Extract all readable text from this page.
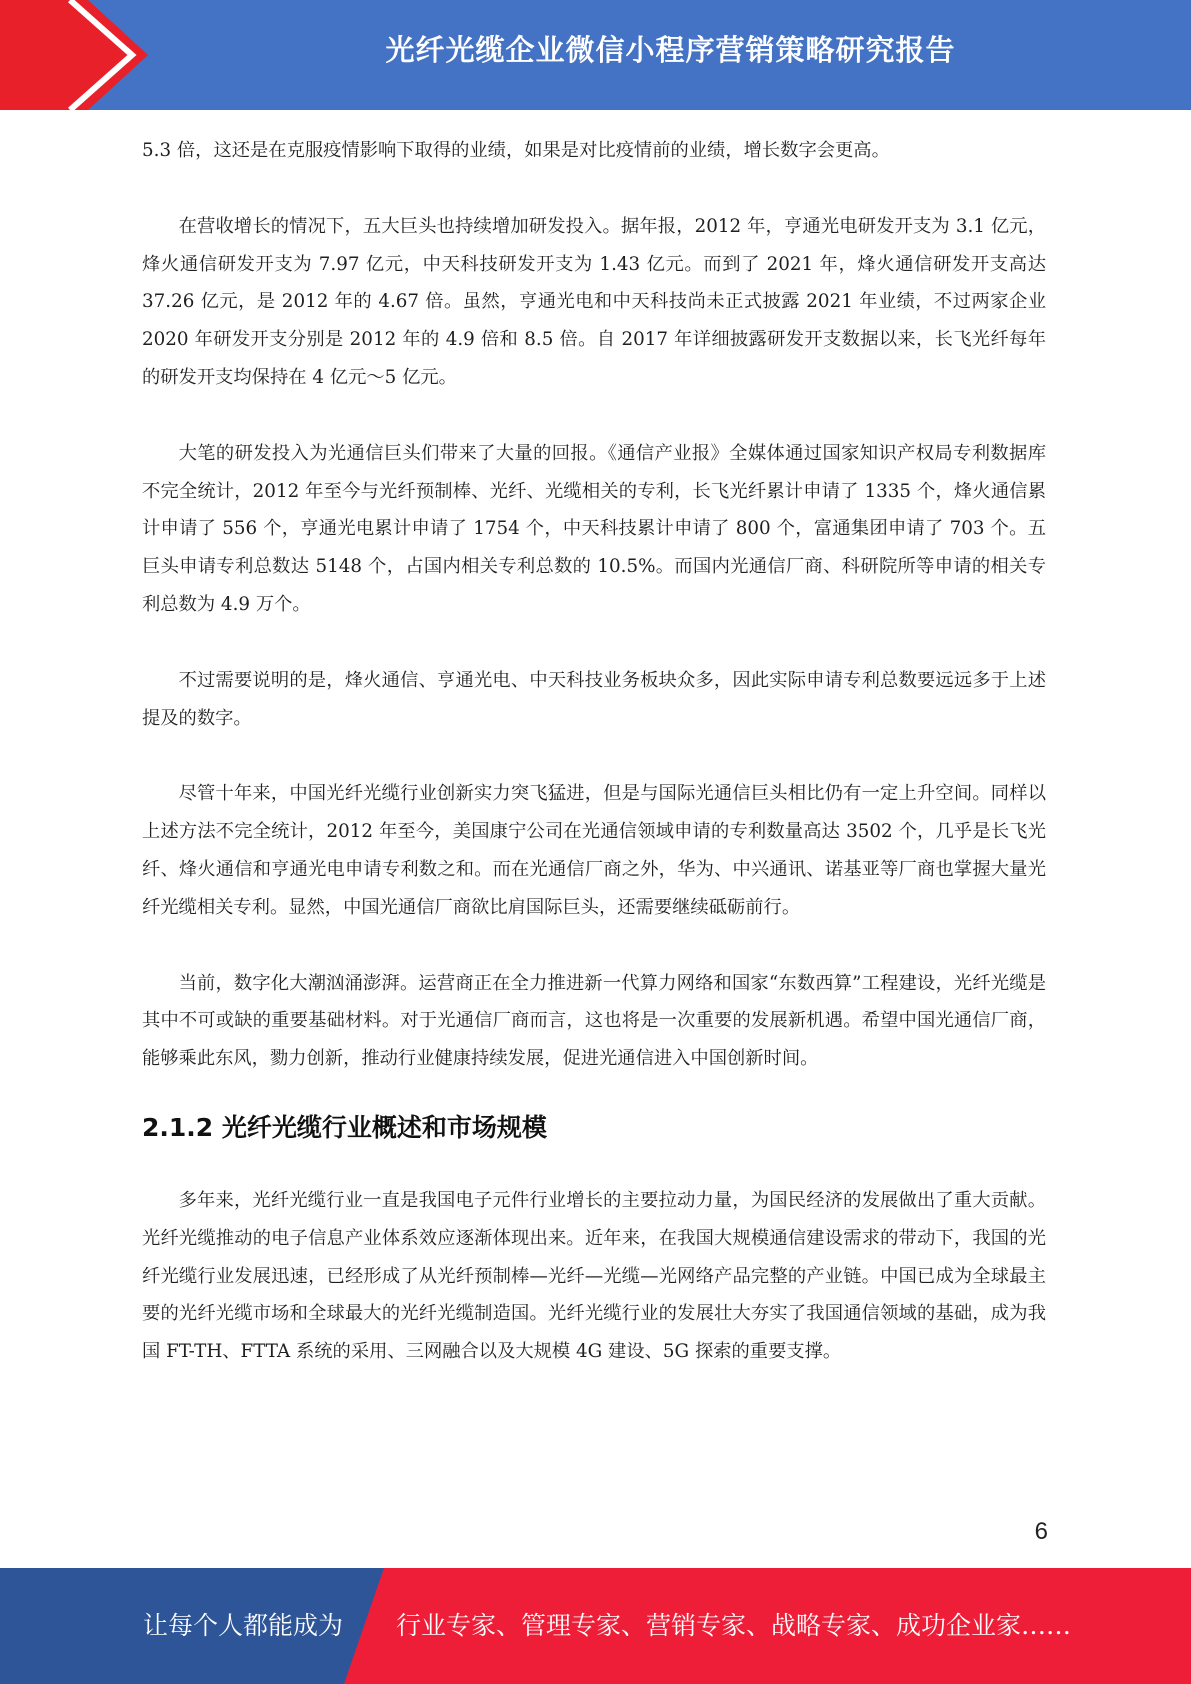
光纤光缆企业微信小程序营销策略研究报告

5.3 倍，这还是在克服疫情影响下取得的业绩，如果是对比疫情前的业绩，增长数字会更高。

在营收增长的情况下，五大巨头也持续增加研发投入。据年报，2012 年，亨通光电研发开支为 3.1 亿元，烽火通信研发开支为 7.97 亿元，中天科技研发开支为 1.43 亿元。而到了 2021 年，烽火通信研发开支高达 37.26 亿元，是 2012 年的 4.67 倍。虽然，亨通光电和中天科技尚未正式披露 2021 年业绩，不过两家企业 2020 年研发开支分别是 2012 年的 4.9 倍和 8.5 倍。自 2017 年详细披露研发开支数据以来，长飞光纤每年的研发开支均保持在 4 亿元～5 亿元。

大笔的研发投入为光通信巨头们带来了大量的回报。《通信产业报》全媒体通过国家知识产权局专利数据库不完全统计，2012 年至今与光纤预制棒、光纤、光缆相关的专利，长飞光纤累计申请了 1335 个，烽火通信累计申请了 556 个，亨通光电累计申请了 1754 个，中天科技累计申请了 800 个，富通集团申请了 703 个。五巨头申请专利总数达 5148 个，占国内相关专利总数的 10.5%。而国内光通信厂商、科研院所等申请的相关专利总数为 4.9 万个。

不过需要说明的是，烽火通信、亨通光电、中天科技业务板块众多，因此实际申请专利总数要远远多于上述提及的数字。

尽管十年来，中国光纤光缆行业创新实力突飞猛进，但是与国际光通信巨头相比仍有一定上升空间。同样以上述方法不完全统计，2012 年至今，美国康宁公司在光通信领域申请的专利数量高达 3502 个，几乎是长飞光纤、烽火通信和亨通光电申请专利数之和。而在光通信厂商之外，华为、中兴通讯、诺基亚等厂商也掌握大量光纤光缆相关专利。显然，中国光通信厂商欲比肩国际巨头，还需要继续砥砺前行。

当前，数字化大潮汹涌澎湃。运营商正在全力推进新一代算力网络和国家“东数西算”工程建设，光纤光缆是其中不可或缺的重要基础材料。对于光通信厂商而言，这也将是一次重要的发展新机遇。希望中国光通信厂商，能够乘此东风，勠力创新，推动行业健康持续发展，促进光通信进入中国创新时间。

2.1.2 光纤光缆行业概述和市场规模

多年来，光纤光缆行业一直是我国电子元件行业增长的主要拉动力量，为国民经济的发展做出了重大贡献。光纤光缆推动的电子信息产业体系效应逐渐体现出来。近年来，在我国大规模通信建设需求的带动下，我国的光纤光缆行业发展迅速，已经形成了从光纤预制棒—光纤—光缆—光网络产品完整的产业链。中国已成为全球最主要的光纤光缆市场和全球最大的光纤光缆制造国。光纤光缆行业的发展壮大夯实了我国通信领域的基础，成为我国 FT-TH、FTTA 系统的采用、三网融合以及大规模 4G 建设、5G 探索的重要支撑。

6
让每个人都能成为 行业专家、管理专家、营销专家、战略专家、成功企业家……
